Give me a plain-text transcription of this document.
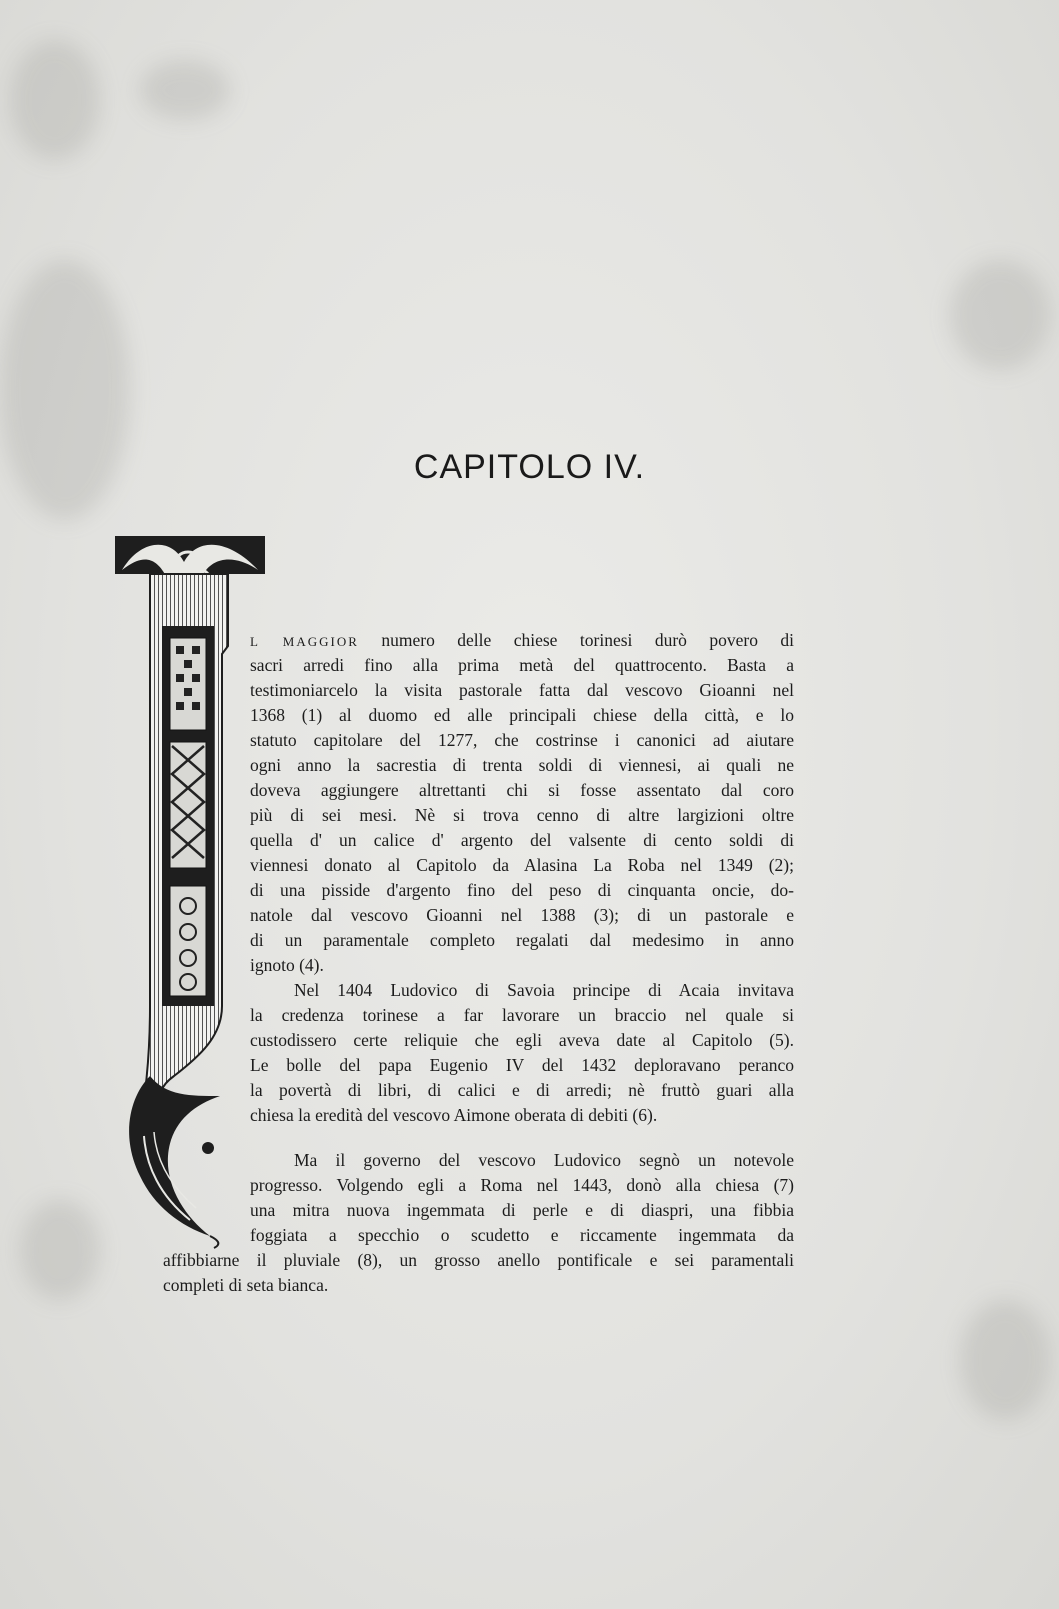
CAPITOLO IV.
L MAGGIOR numero delle chiese torinesi durò povero di
sacri arredi fino alla prima metà del quattrocento. Basta a
testimoniarcelo la visita pastorale fatta dal vescovo Gioanni nel
1368 (1) al duomo ed alle principali chiese della città, e lo
statuto capitolare del 1277, che costrinse i canonici ad aiutare
ogni anno la sacrestia di trenta soldi di viennesi, ai quali ne
doveva aggiungere altrettanti chi si fosse assentato dal coro
più di sei mesi. Nè si trova cenno di altre largizioni oltre
quella d' un calice d' argento del valsente di cento soldi di
viennesi donato al Capitolo da Alasina La Roba nel 1349 (2);
di una pisside d'argento fino del peso di cinquanta oncie, do-
natole dal vescovo Gioanni nel 1388 (3); di un pastorale e
di un paramentale completo regalati dal medesimo in anno
ignoto (4).
Nel 1404 Ludovico di Savoia principe di Acaia invitava
la credenza torinese a far lavorare un braccio nel quale si
custodissero certe reliquie che egli aveva date al Capitolo (5).
Le bolle del papa Eugenio IV del 1432 deploravano peranco
la povertà di libri, di calici e di arredi; nè fruttò guari alla
chiesa la eredità del vescovo Aimone oberata di debiti (6).
Ma il governo del vescovo Ludovico segnò un notevole
progresso. Volgendo egli a Roma nel 1443, donò alla chiesa (7)
una mitra nuova ingemmata di perle e di diaspri, una fibbia
foggiata a specchio o scudetto e riccamente ingemmata da
affibbiarne il pluviale (8), un grosso anello pontificale e sei paramentali
completi di seta bianca.
